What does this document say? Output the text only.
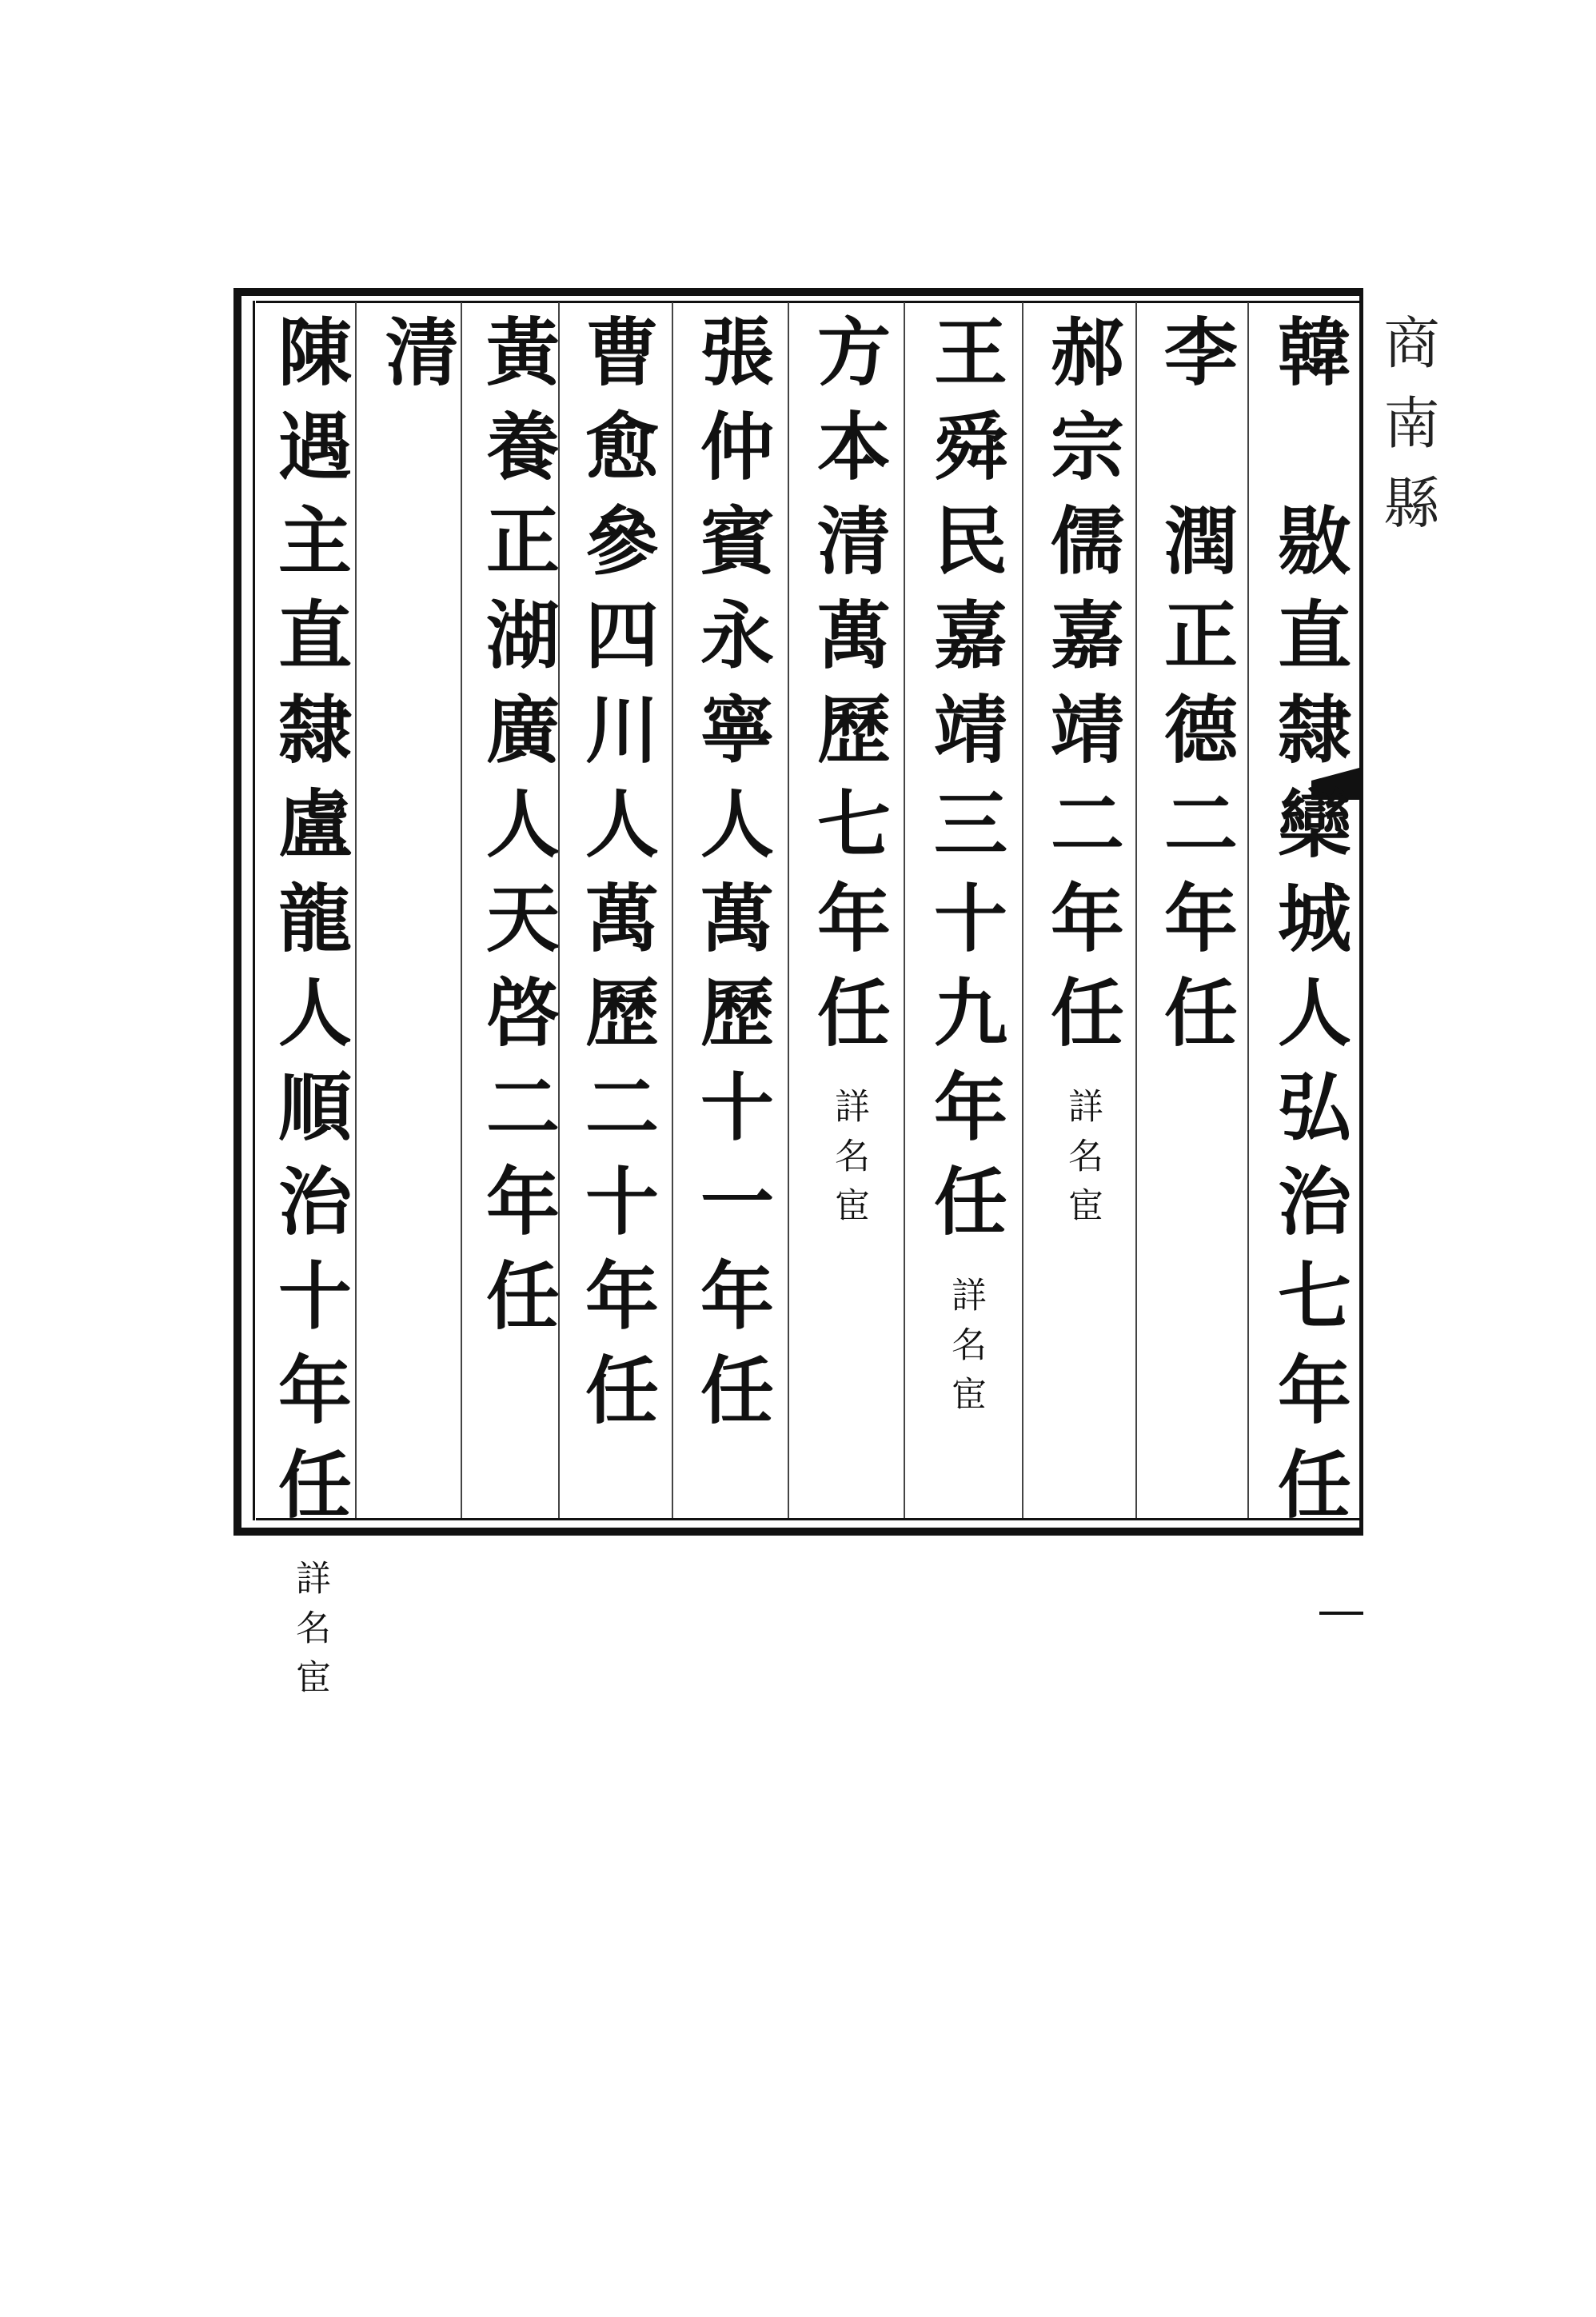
商南縣
韓　敭直隸欒城人弘治七年任
李　潤正德二年任
郝宗儒嘉靖二年任
詳名宦
王舜民嘉靖三十九年任
詳名宦
方本清萬歷七年任
詳名宦
張仲賓永寧人萬歷十一年任
曹愈參四川人萬歷二十年任
黃養正湖廣人天啓二年任
清
陳遇主直隸盧龍人順治十年任
詳名宦
